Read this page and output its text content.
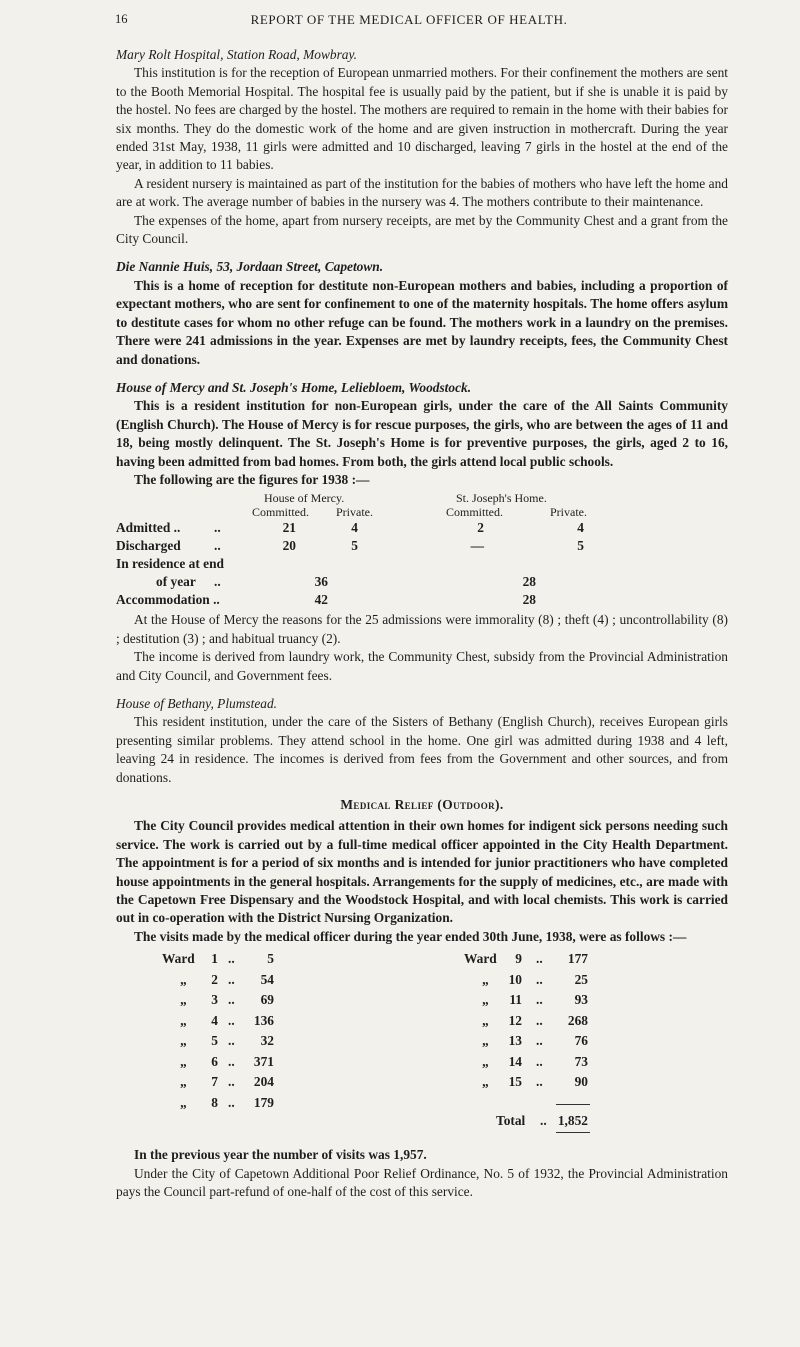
16	REPORT OF THE MEDICAL OFFICER OF HEALTH.

Mary Rolt Hospital, Station Road, Mowbray.

This institution is for the reception of European unmarried mothers. For their confinement the mothers are sent to the Booth Memorial Hospital. The hospital fee is usually paid by the patient, but if she is unable it is paid by the hostel. No fees are charged by the hostel. The mothers are required to remain in the home with their babies for six months. They do the domestic work of the home and are given instruction in mothercraft. During the year ended 31st May, 1938, 11 girls were admitted and 10 discharged, leaving 7 girls in the hostel at the end of the year, in addition to 11 babies.

A resident nursery is maintained as part of the institution for the babies of mothers who have left the home and are at work. The average number of babies in the nursery was 4. The mothers contribute to their maintenance.

The expenses of the home, apart from nursery receipts, are met by the Community Chest and a grant from the City Council.

Die Nannie Huis, 53, Jordaan Street, Capetown.

This is a home of reception for destitute non-European mothers and babies, including a proportion of expectant mothers, who are sent for confinement to one of the maternity hospitals. The home offers asylum to destitute cases for whom no other refuge can be found. The mothers work in a laundry on the premises. There were 241 admissions in the year. Expenses are met by laundry receipts, fees, the Community Chest and donations.

House of Mercy and St. Joseph's Home, Leliebloem, Woodstock.

This is a resident institution for non-European girls, under the care of the All Saints Community (English Church). The House of Mercy is for rescue purposes, the girls, who are between the ages of 11 and 18, being mostly delinquent. The St. Joseph's Home is for preventive purposes, the girls, aged 2 to 16, having been admitted from bad homes. From both, the girls attend local public schools.

The following are the figures for 1938 :—

House of Mercy.	St. Joseph's Home.
Committed. Private.	Committed.	Private.
Admitted ..	..	21	4	2	4
Discharged ..	20	5	—	5
In residence at end
of year ..	36	28
Accommodation ..	42	28

At the House of Mercy the reasons for the 25 admissions were immorality (8) ; theft (4) ; uncontrollability (8) ; destitution (3) ; and habitual truancy (2).

The income is derived from laundry work, the Community Chest, subsidy from the Provincial Administration and City Council, and Government fees.

House of Bethany, Plumstead.

This resident institution, under the care of the Sisters of Bethany (English Church), receives European girls presenting similar problems. They attend school in the home. One girl was admitted during 1938 and 4 left, leaving 24 in residence. The incomes is derived from fees from the Government and other sources, and from donations.

Medical Relief (Outdoor).

The City Council provides medical attention in their own homes for indigent sick persons needing such service. The work is carried out by a full-time medical officer appointed in the City Health Department. The appointment is for a period of six months and is intended for junior practitioners who have completed house appointments in the general hospitals. Arrangements for the supply of medicines, etc., are made with the Capetown Free Dispensary and the Woodstock Hospital, and with local chemists. This work is carried out in co-operation with the District Nursing Organization.

The visits made by the medical officer during the year ended 30th June, 1938, were as follows :—

Ward	1 ..	5
„	2 ..	54
„	3 ..	69
„	4 ..	136
„	5 ..	32
„	6 ..	371
„	7 ..	204
„	8 ..	179
Ward	9 ..	177
„	10 ..	25
„	11 ..	93
„	12 ..	268
„	13 ..	76
„	14 ..	73
„	15 ..	90
Total .. 1,852

In the previous year the number of visits was 1,957.

Under the City of Capetown Additional Poor Relief Ordinance, No. 5 of 1932, the Provincial Administration pays the Council part-refund of one-half of the cost of this service.
